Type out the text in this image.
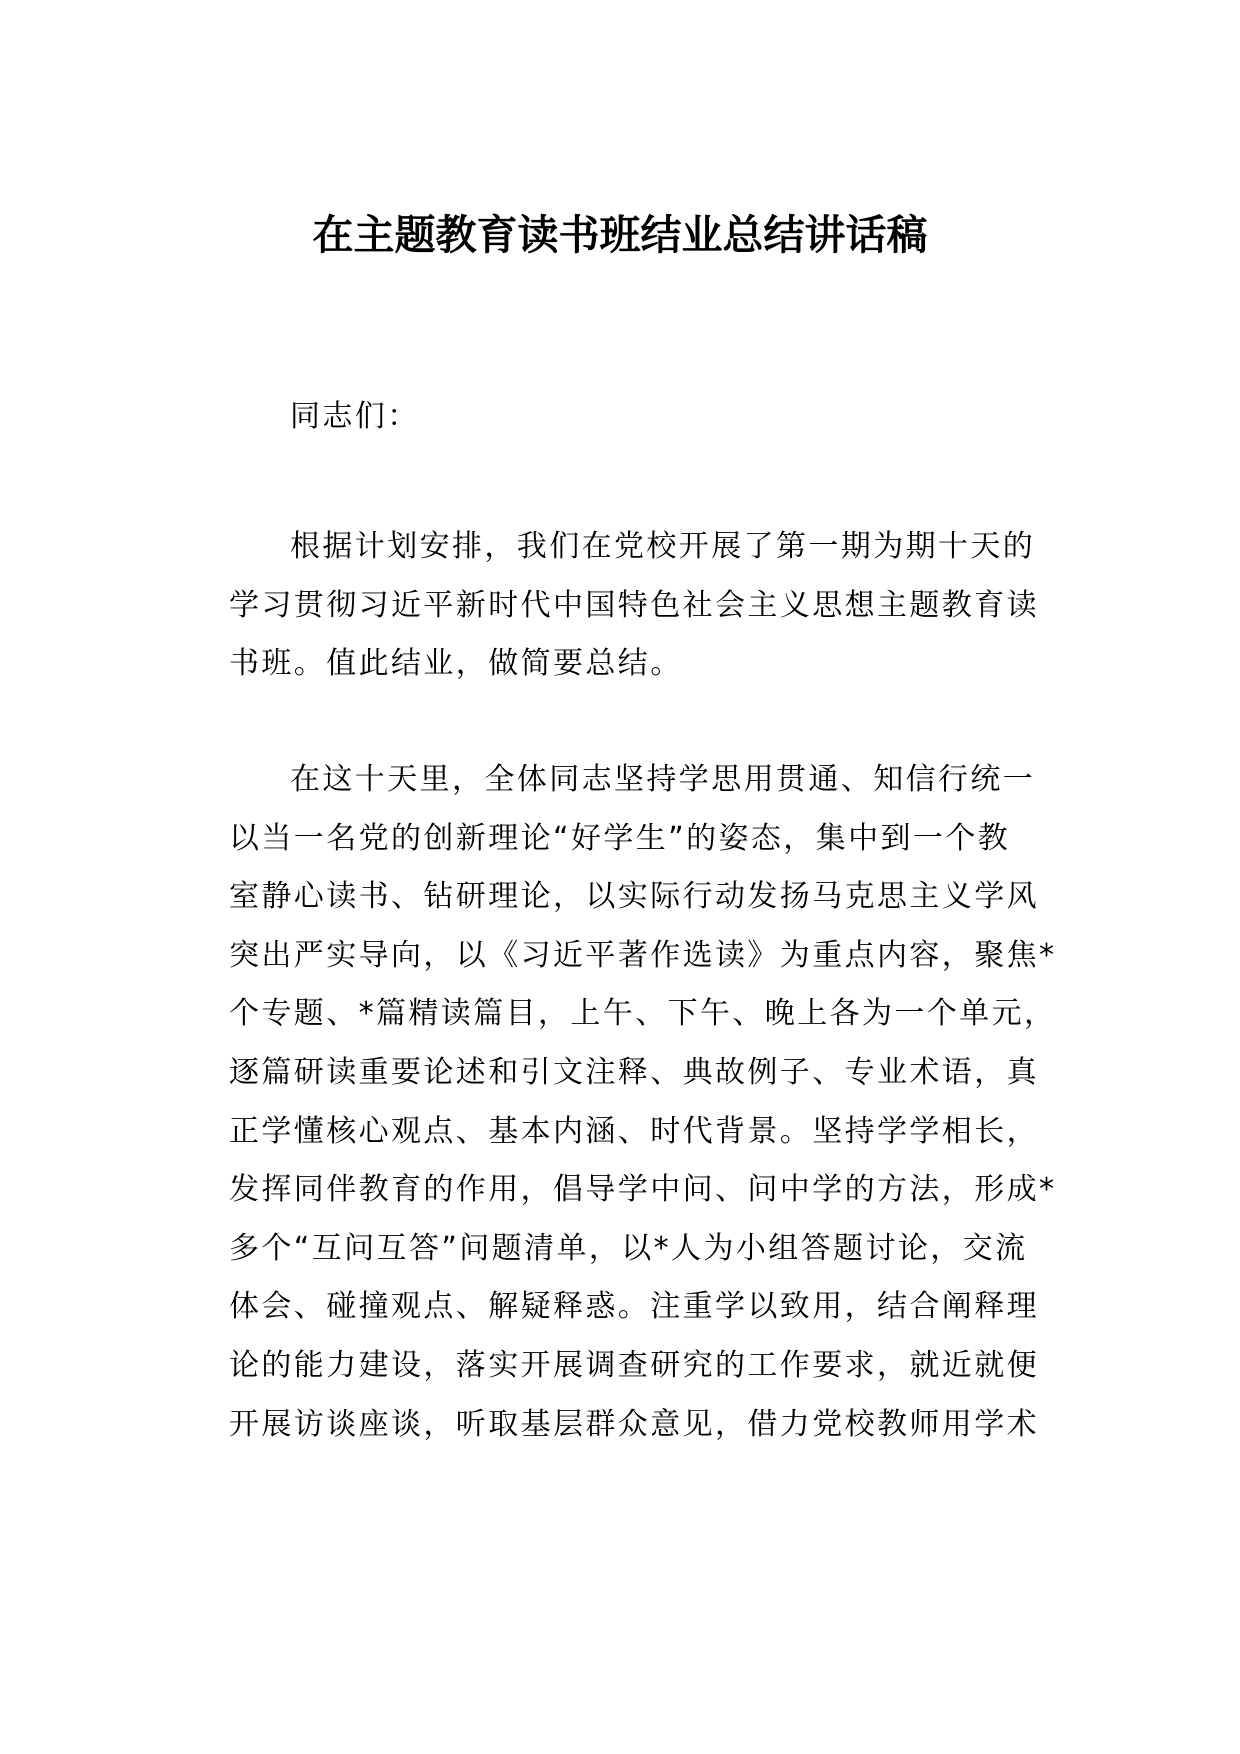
在主题教育读书班结业总结讲话稿
同志们：
根据计划安排，我们在党校开展了第一期为期十天的
学习贯彻习近平新时代中国特色社会主义思想主题教育读
书班。值此结业，做简要总结。
在这十天里，全体同志坚持学思用贯通、知信行统一
以当一名党的创新理论“好学生”的姿态，集中到一个教
室静心读书、钻研理论，以实际行动发扬马克思主义学风
突出严实导向，以《习近平著作选读》为重点内容，聚焦*
个专题、*篇精读篇目，上午、下午、晚上各为一个单元，
逐篇研读重要论述和引文注释、典故例子、专业术语，真
正学懂核心观点、基本内涵、时代背景。坚持学学相长，
发挥同伴教育的作用，倡导学中问、问中学的方法，形成*
多个“互问互答”问题清单，以*人为小组答题讨论，交流
体会、碰撞观点、解疑释惑。注重学以致用，结合阐释理
论的能力建设，落实开展调查研究的工作要求，就近就便
开展访谈座谈，听取基层群众意见，借力党校教师用学术
